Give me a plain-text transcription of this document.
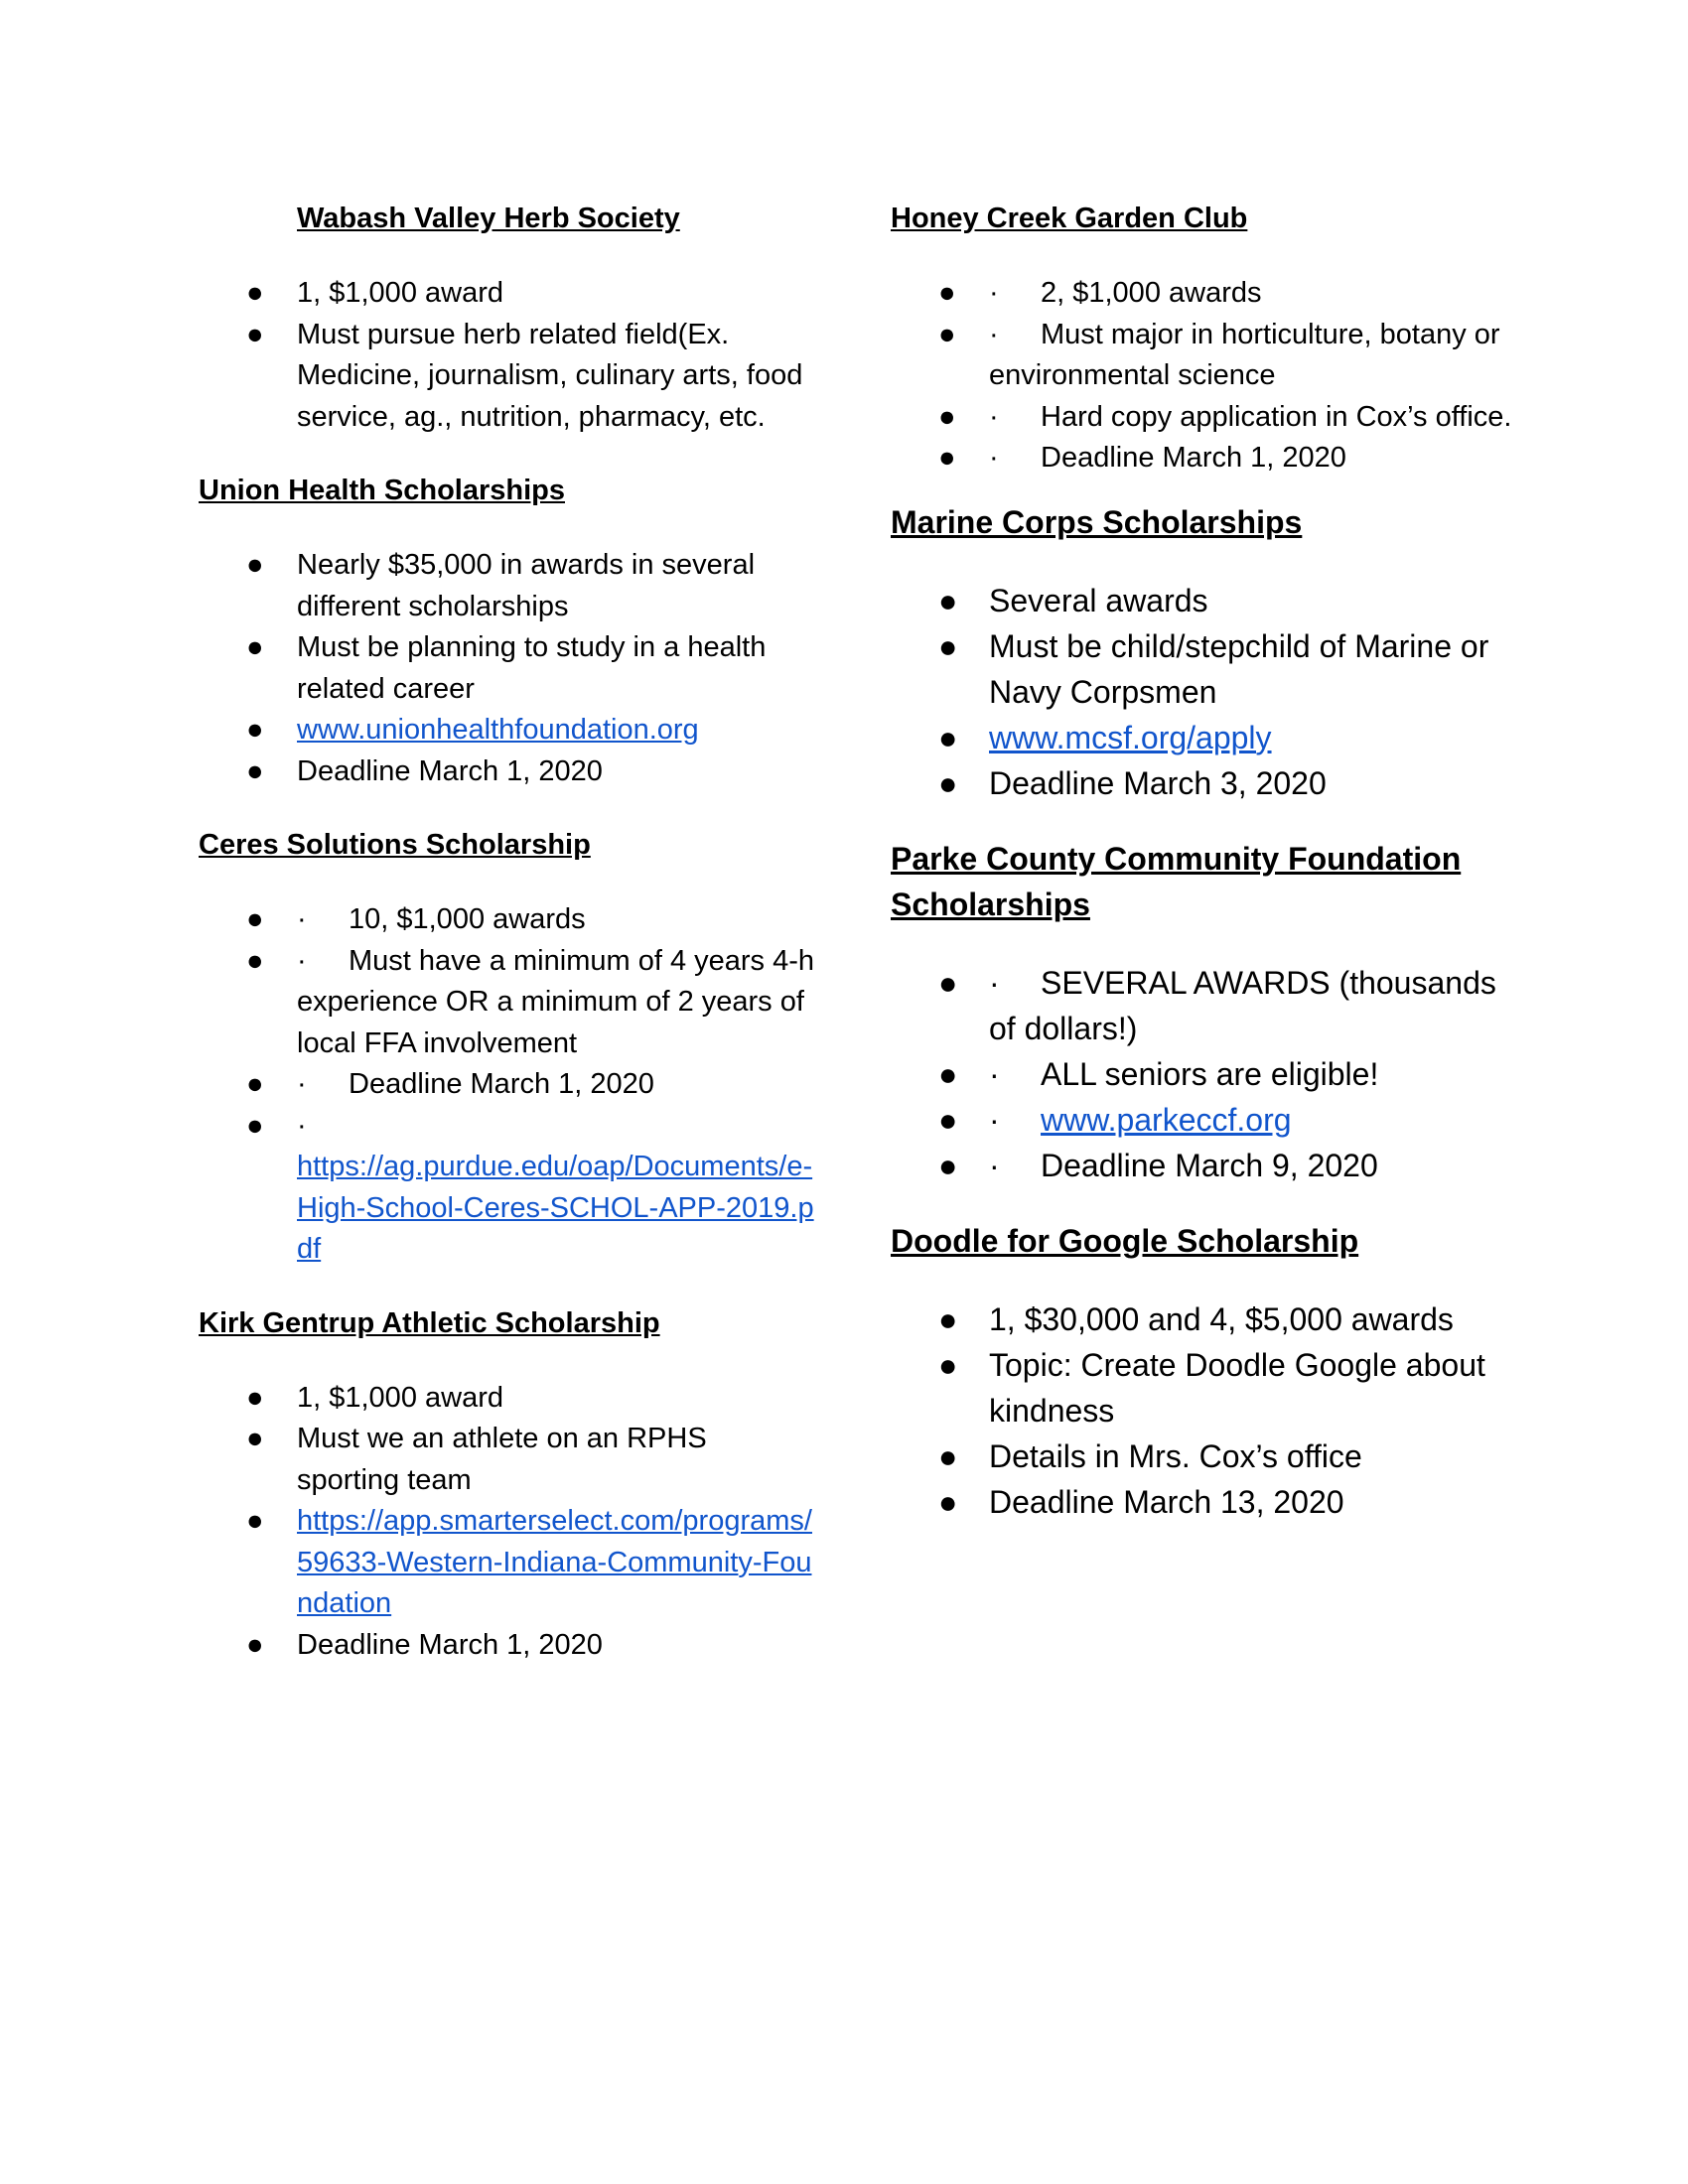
Wabash Valley Herb Society
● 1, $1,000 award
● Must pursue herb related field(Ex. Medicine, journalism, culinary arts, food service, ag., nutrition, pharmacy, etc.
Union Health Scholarships
● Nearly $35,000 in awards in several different scholarships
● Must be planning to study in a health related career
● www.unionhealthfoundation.org
● Deadline March 1, 2020
Ceres Solutions Scholarship
● · 10, $1,000 awards
● · Must have a minimum of 4 years 4-h experience OR a minimum of 2 years of local FFA involvement
● · Deadline March 1, 2020
● ·
https://ag.purdue.edu/oap/Documents/e-High-School-Ceres-SCHOL-APP-2019.pdf
Kirk Gentrup Athletic Scholarship
● 1, $1,000 award
● Must we an athlete on an RPHS sporting team
● https://app.smarterselect.com/programs/59633-Western-Indiana-Community-Foundation
● Deadline March 1, 2020
Honey Creek Garden Club
● · 2, $1,000 awards
● · Must major in horticulture, botany or environmental science
● · Hard copy application in Cox’s office.
● · Deadline March 1, 2020
Marine Corps Scholarships
● Several awards
● Must be child/stepchild of Marine or Navy Corpsmen
● www.mcsf.org/apply
● Deadline March 3, 2020
Parke County Community Foundation Scholarships
● · SEVERAL AWARDS (thousands of dollars!)
● · ALL seniors are eligible!
● · www.parkeccf.org
● · Deadline March 9, 2020
Doodle for Google Scholarship
● 1, $30,000 and 4, $5,000 awards
● Topic: Create Doodle Google about kindness
● Details in Mrs. Cox’s office
● Deadline March 13, 2020
